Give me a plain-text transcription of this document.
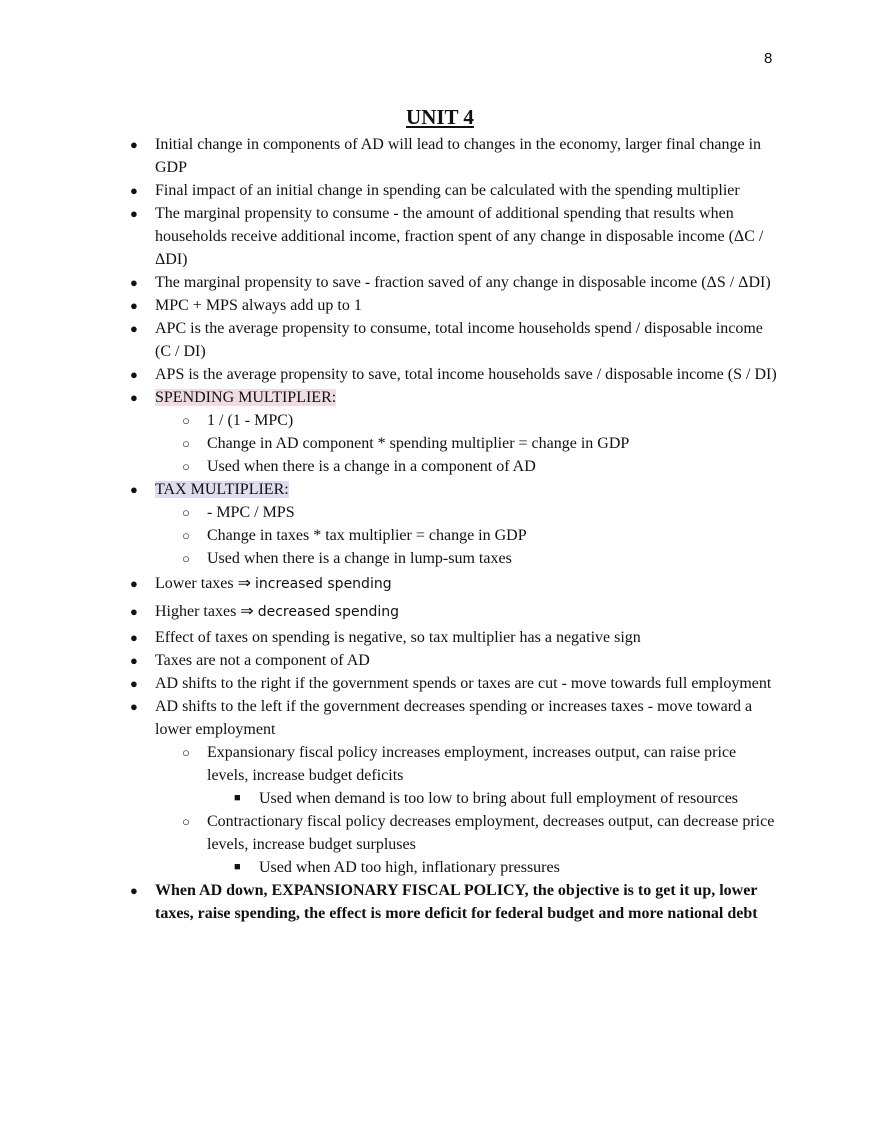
8
UNIT 4
● Initial change in components of AD will lead to changes in the economy, larger final change in GDP
● Final impact of an initial change in spending can be calculated with the spending multiplier
● The marginal propensity to consume - the amount of additional spending that results when households receive additional income, fraction spent of any change in disposable income (ΔC / ΔDI)
● The marginal propensity to save - fraction saved of any change in disposable income (ΔS / ΔDI)
● MPC + MPS always add up to 1
● APC is the average propensity to consume, total income households spend / disposable income (C / DI)
● APS is the average propensity to save, total income households save / disposable income (S / DI)
● SPENDING MULTIPLIER:
○ 1 / (1 - MPC)
○ Change in AD component * spending multiplier = change in GDP
○ Used when there is a change in a component of AD
● TAX MULTIPLIER:
○ - MPC / MPS
○ Change in taxes * tax multiplier = change in GDP
○ Used when there is a change in lump-sum taxes
● Lower taxes ⇒ increased spending
● Higher taxes ⇒ decreased spending
● Effect of taxes on spending is negative, so tax multiplier has a negative sign
● Taxes are not a component of AD
● AD shifts to the right if the government spends or taxes are cut - move towards full employment
● AD shifts to the left if the government decreases spending or increases taxes - move toward a lower employment
○ Expansionary fiscal policy increases employment, increases output, can raise price levels, increase budget deficits
■ Used when demand is too low to bring about full employment of resources
○ Contractionary fiscal policy decreases employment, decreases output, can decrease price levels, increase budget surpluses
■ Used when AD too high, inflationary pressures
● When AD down, EXPANSIONARY FISCAL POLICY, the objective is to get it up, lower taxes, raise spending, the effect is more deficit for federal budget and more national debt
